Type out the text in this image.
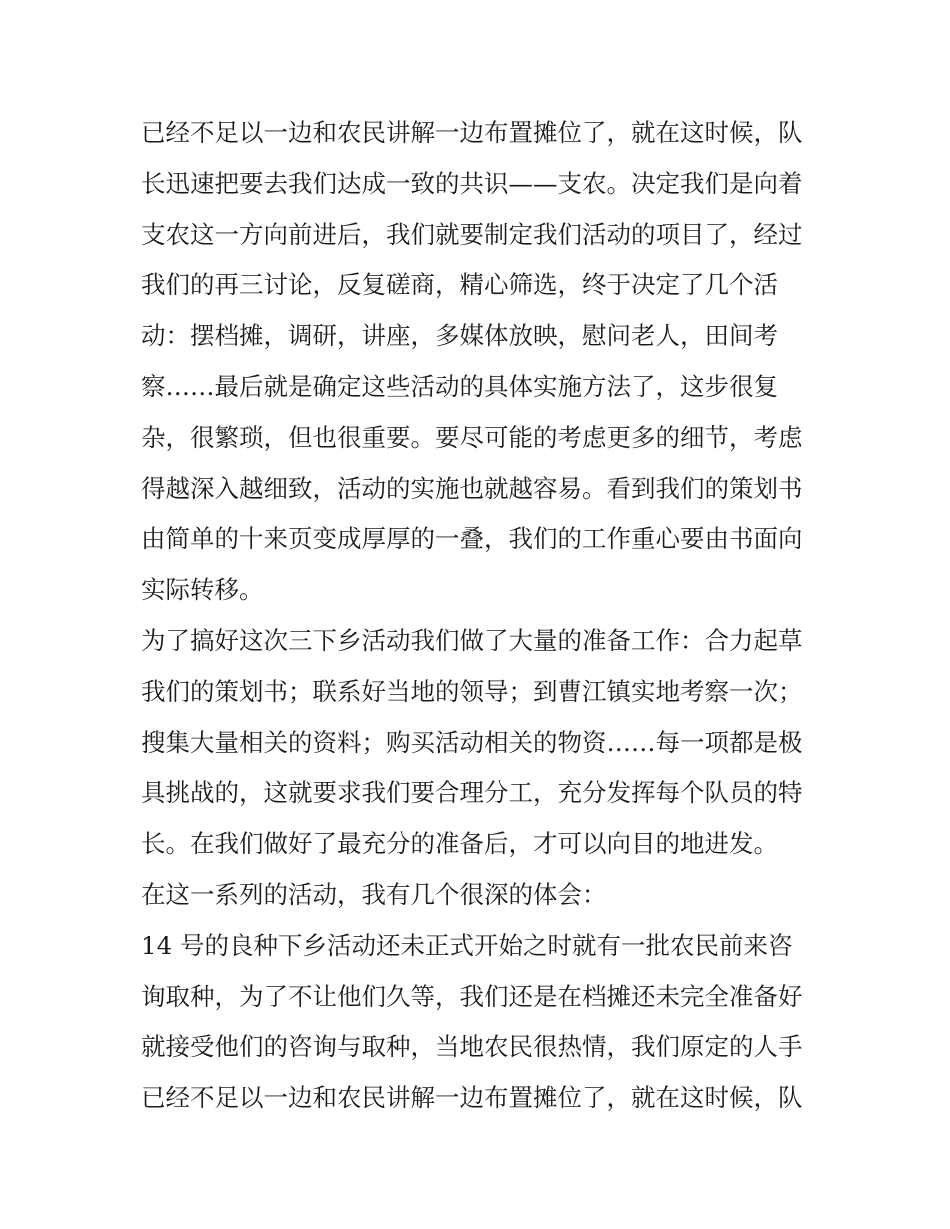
已经不足以一边和农民讲解一边布置摊位了，就在这时候，队
长迅速把要去我们达成一致的共识——支农。决定我们是向着
支农这一方向前进后，我们就要制定我们活动的项目了，经过
我们的再三讨论，反复磋商，精心筛选，终于决定了几个活
动：摆档摊，调研，讲座，多媒体放映，慰问老人，田间考
察……最后就是确定这些活动的具体实施方法了，这步很复
杂，很繁琐，但也很重要。要尽可能的考虑更多的细节，考虑
得越深入越细致，活动的实施也就越容易。看到我们的策划书
由简单的十来页变成厚厚的一叠，我们的工作重心要由书面向
实际转移。
为了搞好这次三下乡活动我们做了大量的准备工作：合力起草
我们的策划书；联系好当地的领导；到曹江镇实地考察一次；
搜集大量相关的资料；购买活动相关的物资……每一项都是极
具挑战的，这就要求我们要合理分工，充分发挥每个队员的特
长。在我们做好了最充分的准备后，才可以向目的地进发。
在这一系列的活动，我有几个很深的体会：
14 号的良种下乡活动还未正式开始之时就有一批农民前来咨
询取种，为了不让他们久等，我们还是在档摊还未完全准备好
就接受他们的咨询与取种，当地农民很热情，我们原定的人手
已经不足以一边和农民讲解一边布置摊位了，就在这时候，队
